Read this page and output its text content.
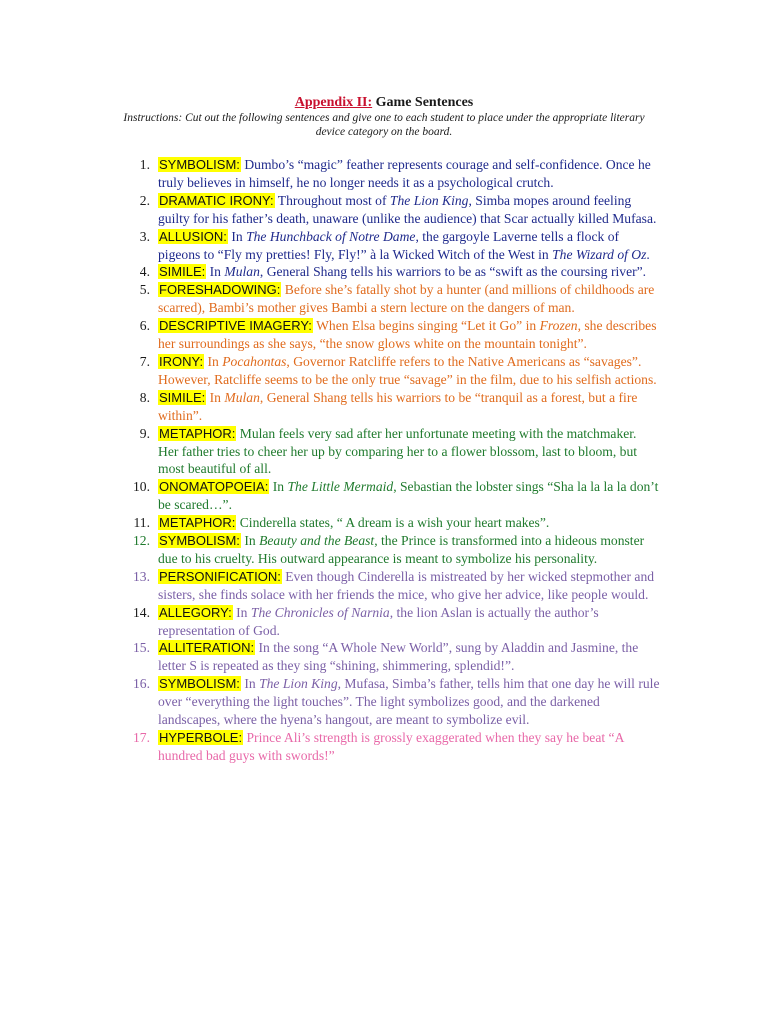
Appendix II: Game Sentences
Instructions: Cut out the following sentences and give one to each student to place under the appropriate literary device category on the board.
1. SYMBOLISM: Dumbo’s “magic” feather represents courage and self-confidence. Once he truly believes in himself, he no longer needs it as a psychological crutch.
2. DRAMATIC IRONY: Throughout most of The Lion King, Simba mopes around feeling guilty for his father’s death, unaware (unlike the audience) that Scar actually killed Mufasa.
3. ALLUSION: In The Hunchback of Notre Dame, the gargoyle Laverne tells a flock of pigeons to “Fly my pretties! Fly, Fly!” à la Wicked Witch of the West in The Wizard of Oz.
4. SIMILE: In Mulan, General Shang tells his warriors to be as “swift as the coursing river”.
5. FORESHADOWING: Before she’s fatally shot by a hunter (and millions of childhoods are scarred), Bambi’s mother gives Bambi a stern lecture on the dangers of man.
6. DESCRIPTIVE IMAGERY: When Elsa begins singing “Let it Go” in Frozen, she describes her surroundings as she says, “the snow glows white on the mountain tonight”.
7. IRONY: In Pocahontas, Governor Ratcliffe refers to the Native Americans as “savages”. However, Ratcliffe seems to be the only true “savage” in the film, due to his selfish actions.
8. SIMILE: In Mulan, General Shang tells his warriors to be “tranquil as a forest, but a fire within”.
9. METAPHOR: Mulan feels very sad after her unfortunate meeting with the matchmaker. Her father tries to cheer her up by comparing her to a flower blossom, last to bloom, but most beautiful of all.
10. ONOMATOPOEIA: In The Little Mermaid, Sebastian the lobster sings “Sha la la la la don’t be scared…”.
11. METAPHOR: Cinderella states, “ A dream is a wish your heart makes”.
12. SYMBOLISM: In Beauty and the Beast, the Prince is transformed into a hideous monster due to his cruelty. His outward appearance is meant to symbolize his personality.
13. PERSONIFICATION: Even though Cinderella is mistreated by her wicked stepmother and sisters, she finds solace with her friends the mice, who give her advice, like people would.
14. ALLEGORY: In The Chronicles of Narnia, the lion Aslan is actually the author’s representation of God.
15. ALLITERATION: In the song “A Whole New World”, sung by Aladdin and Jasmine, the letter S is repeated as they sing “shining, shimmering, splendid!”.
16. SYMBOLISM: In The Lion King, Mufasa, Simba’s father, tells him that one day he will rule over “everything the light touches”. The light symbolizes good, and the darkened landscapes, where the hyena’s hangout, are meant to symbolize evil.
17. HYPERBOLE: Prince Ali’s strength is grossly exaggerated when they say he beat “A hundred bad guys with swords!”
